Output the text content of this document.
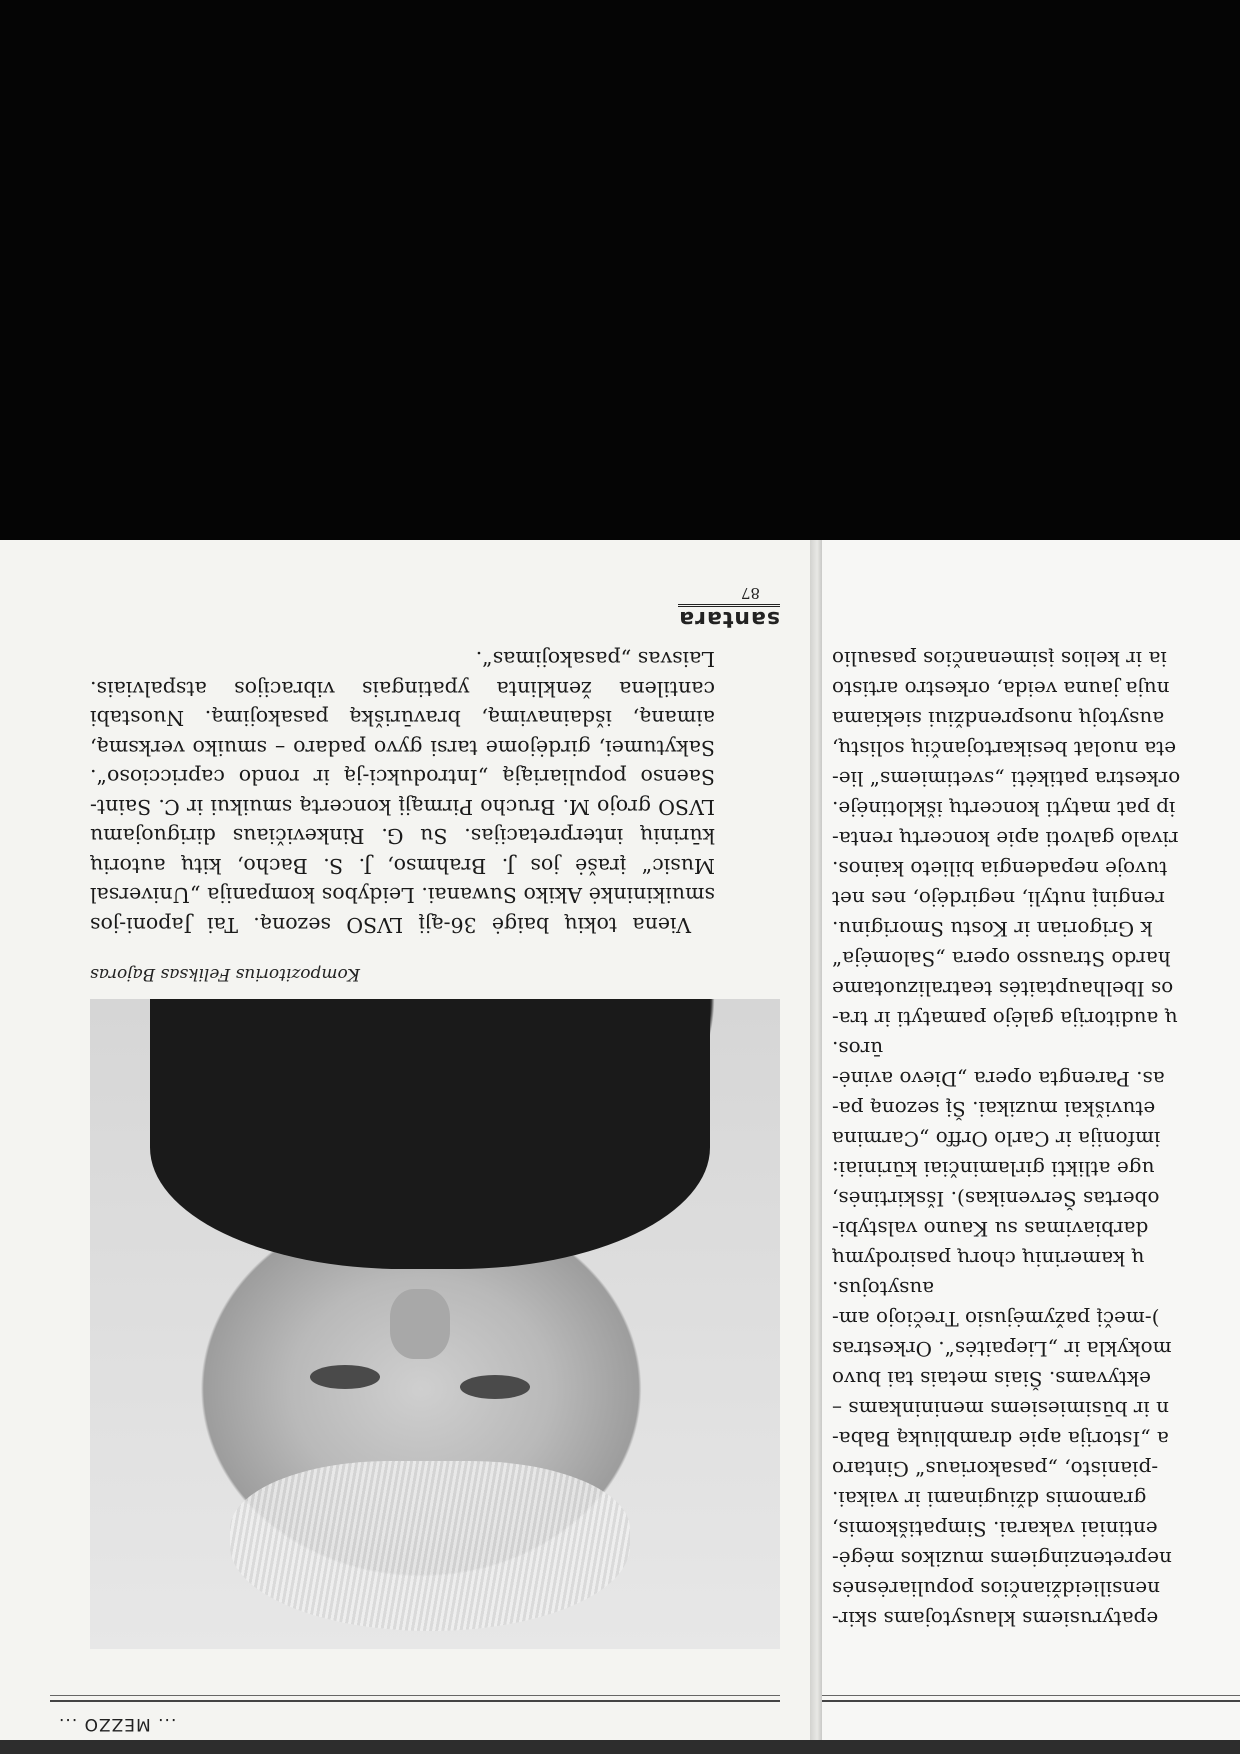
epatyrusiems klausytojams skir-
nensilieidžiančios populiarėsnės
nepretenzingiems muzikos mėgė-
entiniai vakarai. Simpatiškomis,
gramomis džiuginami ir vaikai.
-pianisto, „pasakoriaus“ Gintaro
a „Istorija apie drambliuką Baba-
n ir būsimiesiems menininkams –
ektyvams. Šiais metais tai buvo
mokykla ir „Liepaitės“. Orkestras
)-mečį pažymėjusio Trečiojo am-
ausytojus.
ų kamerinių chorų pasirodymų
darbiavimas su Kauno valstybi-
obertas Šervenikas). Išskirtinės,
uge atlikti girlaminčiai kūriniai:
imfonija ir Carlo Orffo „Carmina
etuviškai muzikai. Šį sezoną pa-
as. Parengta opera „Dievo avinė-
ūros.
ų auditorija galėjo pamatyti ir tra-
os Ibelhauptaitės teatralizuotame
hardo Strausso opera „Salomėja“
k Grigorian ir Kostu Smoriginu.
renginį nutyli, negirdėjo, nes net
tuvoje nepadengia bilieto kainos.
rivalo galvoti apie koncertų renta-
ip pat matyti koncertų išklotinėje.
orkestra patikėti „svetimiems“ lie-
eta nuolat besikartojančių solistų,
ausytojų nuosprendžiui siekiama
nuja jauna veida, orkestro artisto
ia ir kelios įsimenančios pasaulio
... MEZZO ...
Kompozitorius Feliksas Bajoras

Viena tokių baigė 36-ąjį LVSO sezoną. Tai Japoni-jos smuikininkė Akiko Suwanai. Leidybos kompanija „Universal Music“ įrašė jos J. Brahmso, J. S. Bacho, kitų autorių kūrinių interpretacijas. Su G. Rinkevičiaus diriguojamu LVSO grojo M. Brucho Pirmąjį koncertą smuikui ir C. Saint-Saenso populiariąją „Introdukci-ją ir rondo capriccioso“. Sakytumei, girdėjome tarsi gyvo padaro – smuiko verksmą, aimaną, išdainavimą, bravūrišką pasakojimą. Nuostabi cantilena ženklinta ypatingais vibracijos atspalviais. Laisvas „pasakojimas“.

santara
87
